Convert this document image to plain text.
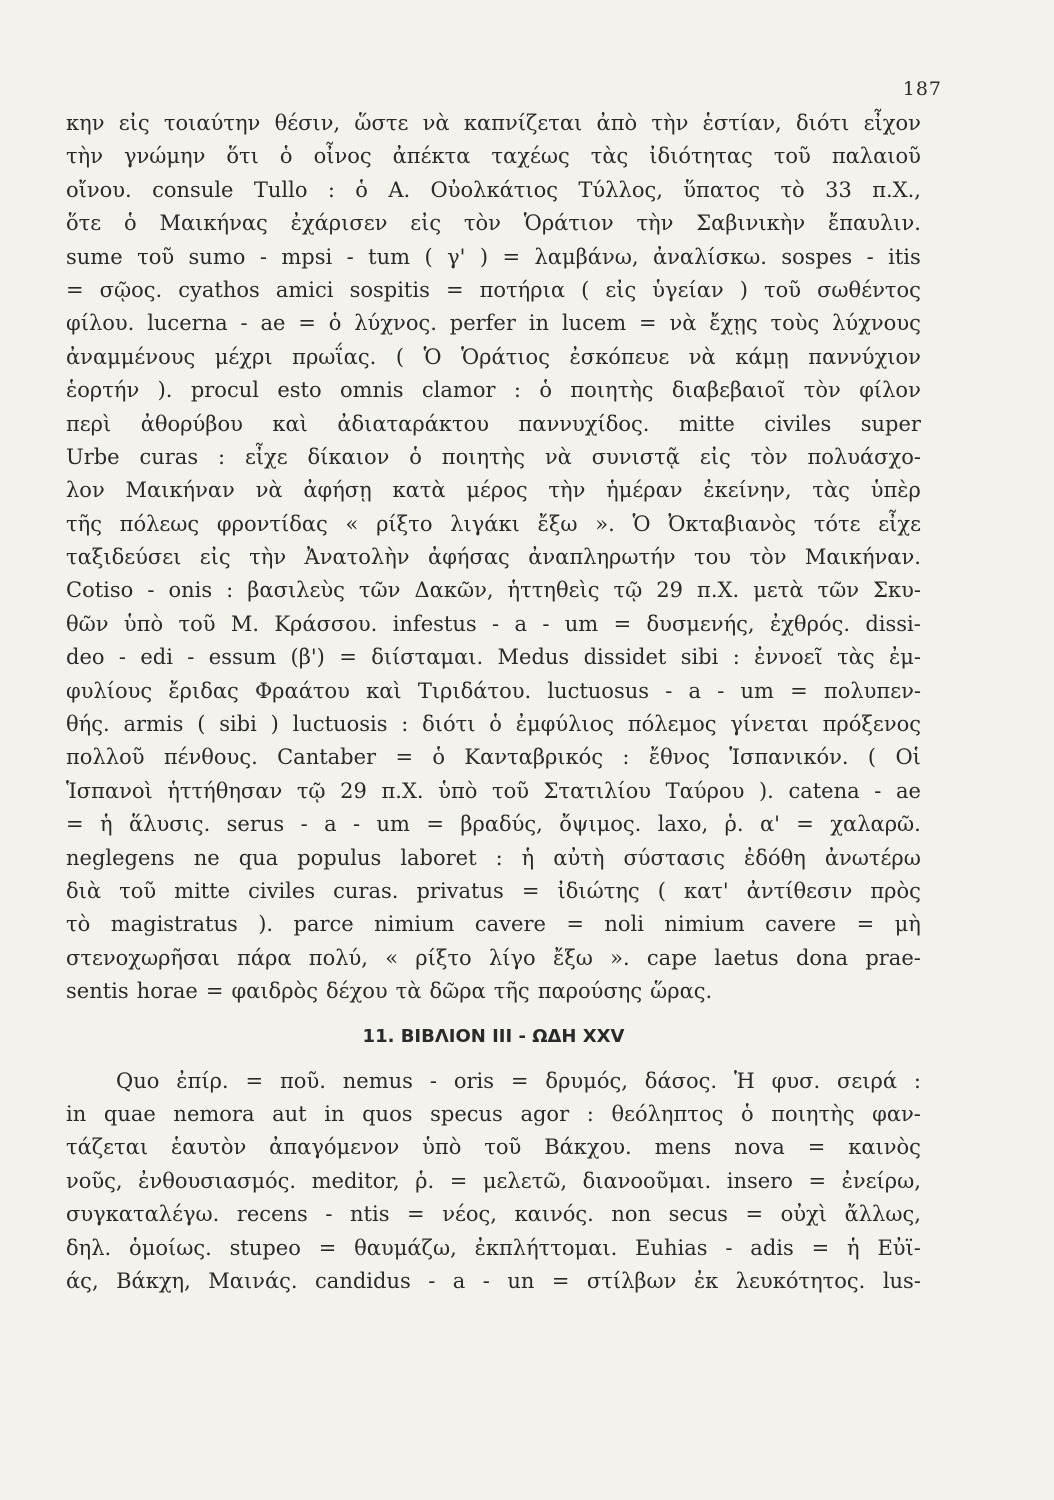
187
κην εἰς τοιαύτην θέσιν, ὥστε νὰ καπνίζεται ἀπὸ τὴν ἑστίαν, διότι εἶχον
τὴν γνώμην ὅτι ὁ οἶνος ἀπέκτα ταχέως τὰς ἰδιότητας τοῦ παλαιοῦ
οἴνου. consule Tullo : ὁ Α. Οὐολκάτιος Τύλλος, ὕπατος τὸ 33 π.Χ.,
ὅτε ὁ Μαικήνας ἐχάρισεν εἰς τὸν Ὁράτιον τὴν Σαβινικὴν ἔπαυλιν.
sume τοῦ sumo - mpsi - tum ( γ' ) = λαμβάνω, ἀναλίσκω. sospes - itis
= σῷος. cyathos amici sospitis = ποτήρια ( εἰς ὑγείαν ) τοῦ σωθέντος
φίλου. lucerna - ae = ὁ λύχνος. perfer in lucem = νὰ ἔχῃς τοὺς λύχνους
ἀναμμένους μέχρι πρωΐας. ( Ὁ Ὁράτιος ἐσκόπευε νὰ κάμῃ παννύχιον
ἑορτήν ). procul esto omnis clamor : ὁ ποιητὴς διαβεβαιοῖ τὸν φίλον
περὶ ἀθορύβου καὶ ἀδιαταράκτου παννυχίδος. mitte civiles super
Urbe curas : εἶχε δίκαιον ὁ ποιητὴς νὰ συνιστᾷ εἰς τὸν πολυάσχο-
λον Μαικήναν νὰ ἀφήσῃ κατὰ μέρος τὴν ἡμέραν ἐκείνην, τὰς ὑπὲρ
τῆς πόλεως φροντίδας « ρίξτο λιγάκι ἔξω ». Ὁ Ὀκταβιανὸς τότε εἶχε
ταξιδεύσει εἰς τὴν Ἀνατολὴν ἀφήσας ἀναπληρωτήν του τὸν Μαικήναν.
Cotiso - onis : βασιλεὺς τῶν Δακῶν, ἡττηθεὶς τῷ 29 π.Χ. μετὰ τῶν Σκυ-
θῶν ὑπὸ τοῦ Μ. Κράσσου. infestus - a - um = δυσμενής, ἐχθρός. dissi-
deo - edi - essum (β') = διίσταμαι. Medus dissidet sibi : ἐννοεῖ τὰς ἐμ-
φυλίους ἔριδας Φραάτου καὶ Τιριδάτου. luctuosus - a - um = πολυπεν-
θής. armis ( sibi ) luctuosis : διότι ὁ ἐμφύλιος πόλεμος γίνεται πρόξενος
πολλοῦ πένθους. Cantaber = ὁ Κανταβρικός : ἔθνος Ἱσπανικόν. ( Οἱ
Ἱσπανοὶ ἡττήθησαν τῷ 29 π.Χ. ὑπὸ τοῦ Στατιλίου Ταύρου ). catena - ae
= ἡ ἅλυσις. serus - a - um = βραδύς, ὄψιμος. laxo, ῥ. α' = χαλαρῶ.
neglegens ne qua populus laboret : ἡ αὐτὴ σύστασις ἐδόθη ἀνωτέρω
διὰ τοῦ mitte civiles curas. privatus = ἰδιώτης ( κατ' ἀντίθεσιν πρὸς
τὸ magistratus ). parce nimium cavere = noli nimium cavere = μὴ
στενοχωρῆσαι πάρα πολύ, « ρίξτο λίγο ἔξω ». cape laetus dona prae-
sentis horae = φαιδρὸς δέχου τὰ δῶρα τῆς παρούσης ὥρας.
11. ΒΙΒΛΙΟΝ ΙΙΙ - ΩΔΗ XXV
Quo ἐπίρ. = ποῦ. nemus - oris = δρυμός, δάσος. Ἡ φυσ. σειρά :
in quae nemora aut in quos specus agor : θεόληπτος ὁ ποιητὴς φαν-
τάζεται ἑαυτὸν ἀπαγόμενον ὑπὸ τοῦ Βάκχου. mens nova = καινὸς
νοῦς, ἐνθουσιασμός. meditor, ῥ. = μελετῶ, διανοοῦμαι. insero = ἐνείρω,
συγκαταλέγω. recens - ntis = νέος, καινός. non secus = οὐχὶ ἄλλως,
δηλ. ὁμοίως. stupeo = θαυμάζω, ἐκπλήττομαι. Euhias - adis = ἡ Εὐϊ-
άς, Βάκχη, Μαινάς. candidus - a - un = στίλβων ἐκ λευκότητος. lus-
